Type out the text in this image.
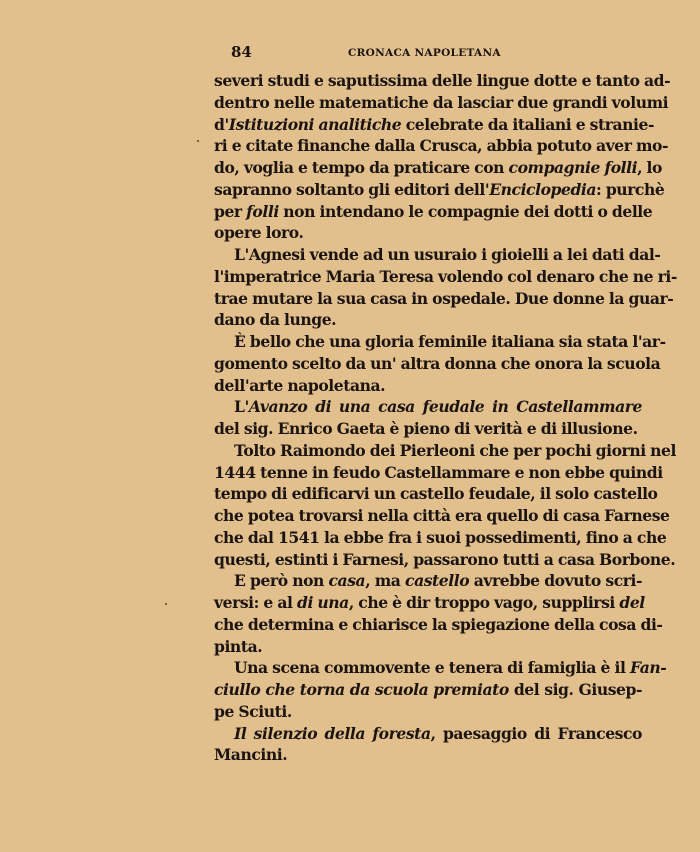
84	CRONACA NAPOLETANA
severi studi e saputissima delle lingue dotte e tanto ad-
dentro nelle matematiche da lasciar due grandi volumi
d'Istituzioni analitiche celebrate da italiani e stranie-
ri e citate finanche dalla Crusca, abbia potuto aver mo-
do, voglia e tempo da praticare con compagnie folli, lo
sapranno soltanto gli editori dell'Enciclopedia: purchè
per folli non intendano le compagnie dei dotti o delle
opere loro.
L'Agnesi vende ad un usuraio i gioielli a lei dati dal-
l'imperatrice Maria Teresa volendo col denaro che ne ri-
trae mutare la sua casa in ospedale. Due donne la guar-
dano da lunge.
È bello che una gloria feminile italiana sia stata l'ar-
gomento scelto da un' altra donna che onora la scuola
dell'arte napoletana.
L'Avanzo di una casa feudale in Castellammare
del sig. Enrico Gaeta è pieno di verità e di illusione.
Tolto Raimondo dei Pierleoni che per pochi giorni nel
1444 tenne in feudo Castellammare e non ebbe quindi
tempo di edificarvi un castello feudale, il solo castello
che potea trovarsi nella città era quello di casa Farnese
che dal 1541 la ebbe fra i suoi possedimenti, fino a che
questi, estinti i Farnesi, passarono tutti a casa Borbone.
E però non casa, ma castello avrebbe dovuto scri-
versi: e al di una, che è dir troppo vago, supplirsi del
che determina e chiarisce la spiegazione della cosa di-
pinta.
Una scena commovente e tenera di famiglia è il Fan-
ciullo che torna da scuola premiato del sig. Giusep-
pe Sciuti.
Il silenzio della foresta, paesaggio di Francesco
Mancini.
